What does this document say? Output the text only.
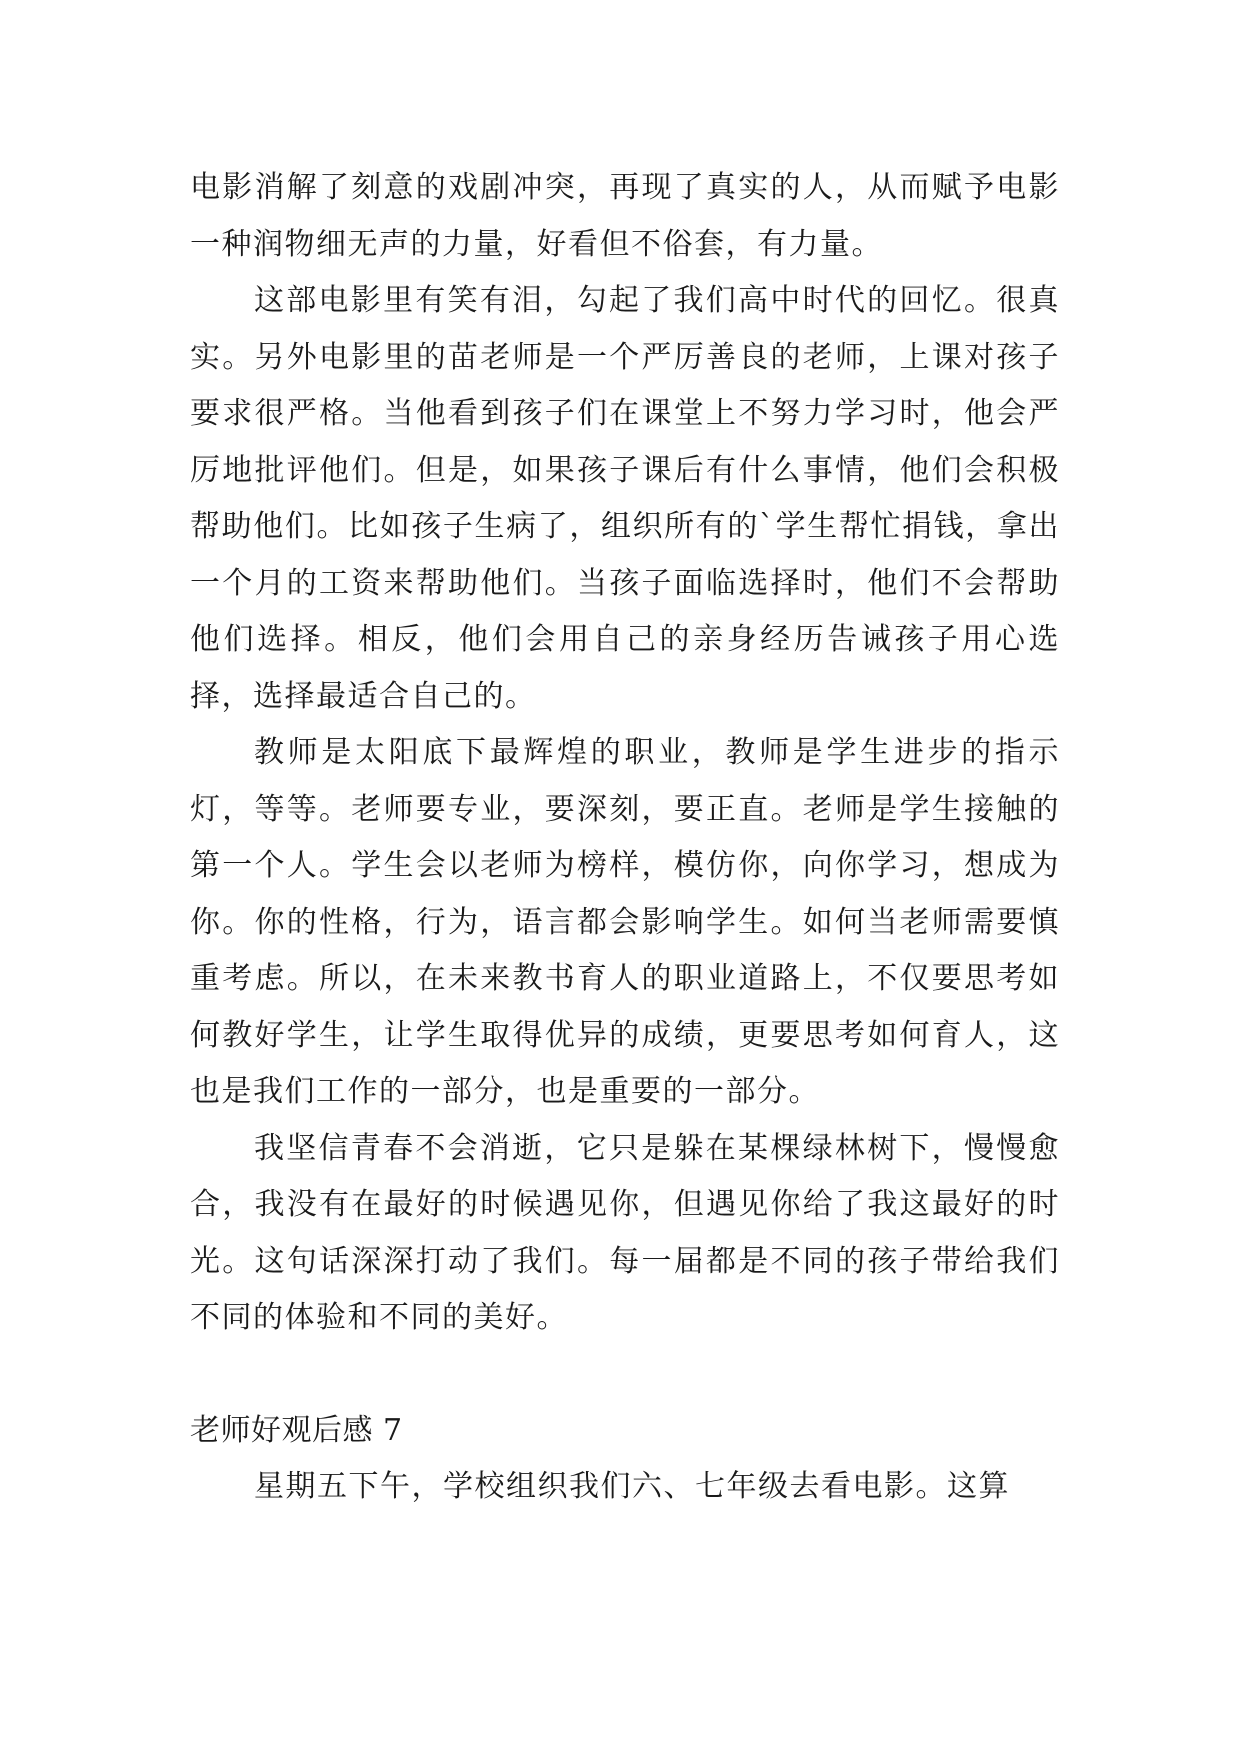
电影消解了刻意的戏剧冲突，再现了真实的人，从而赋予电影一种润物细无声的力量，好看但不俗套，有力量。

这部电影里有笑有泪，勾起了我们高中时代的回忆。很真实。另外电影里的苗老师是一个严厉善良的老师，上课对孩子要求很严格。当他看到孩子们在课堂上不努力学习时，他会严厉地批评他们。但是，如果孩子课后有什么事情，他们会积极帮助他们。比如孩子生病了，组织所有的`学生帮忙捐钱，拿出一个月的工资来帮助他们。当孩子面临选择时，他们不会帮助他们选择。相反，他们会用自己的亲身经历告诫孩子用心选择，选择最适合自己的。

教师是太阳底下最辉煌的职业，教师是学生进步的指示灯，等等。老师要专业，要深刻，要正直。老师是学生接触的第一个人。学生会以老师为榜样，模仿你，向你学习，想成为你。你的性格，行为，语言都会影响学生。如何当老师需要慎重考虑。所以，在未来教书育人的职业道路上，不仅要思考如何教好学生，让学生取得优异的成绩，更要思考如何育人，这也是我们工作的一部分，也是重要的一部分。

我坚信青春不会消逝，它只是躲在某棵绿林树下，慢慢愈合，我没有在最好的时候遇见你，但遇见你给了我这最好的时光。这句话深深打动了我们。每一届都是不同的孩子带给我们不同的体验和不同的美好。

老师好观后感 7

星期五下午，学校组织我们六、七年级去看电影。这算
